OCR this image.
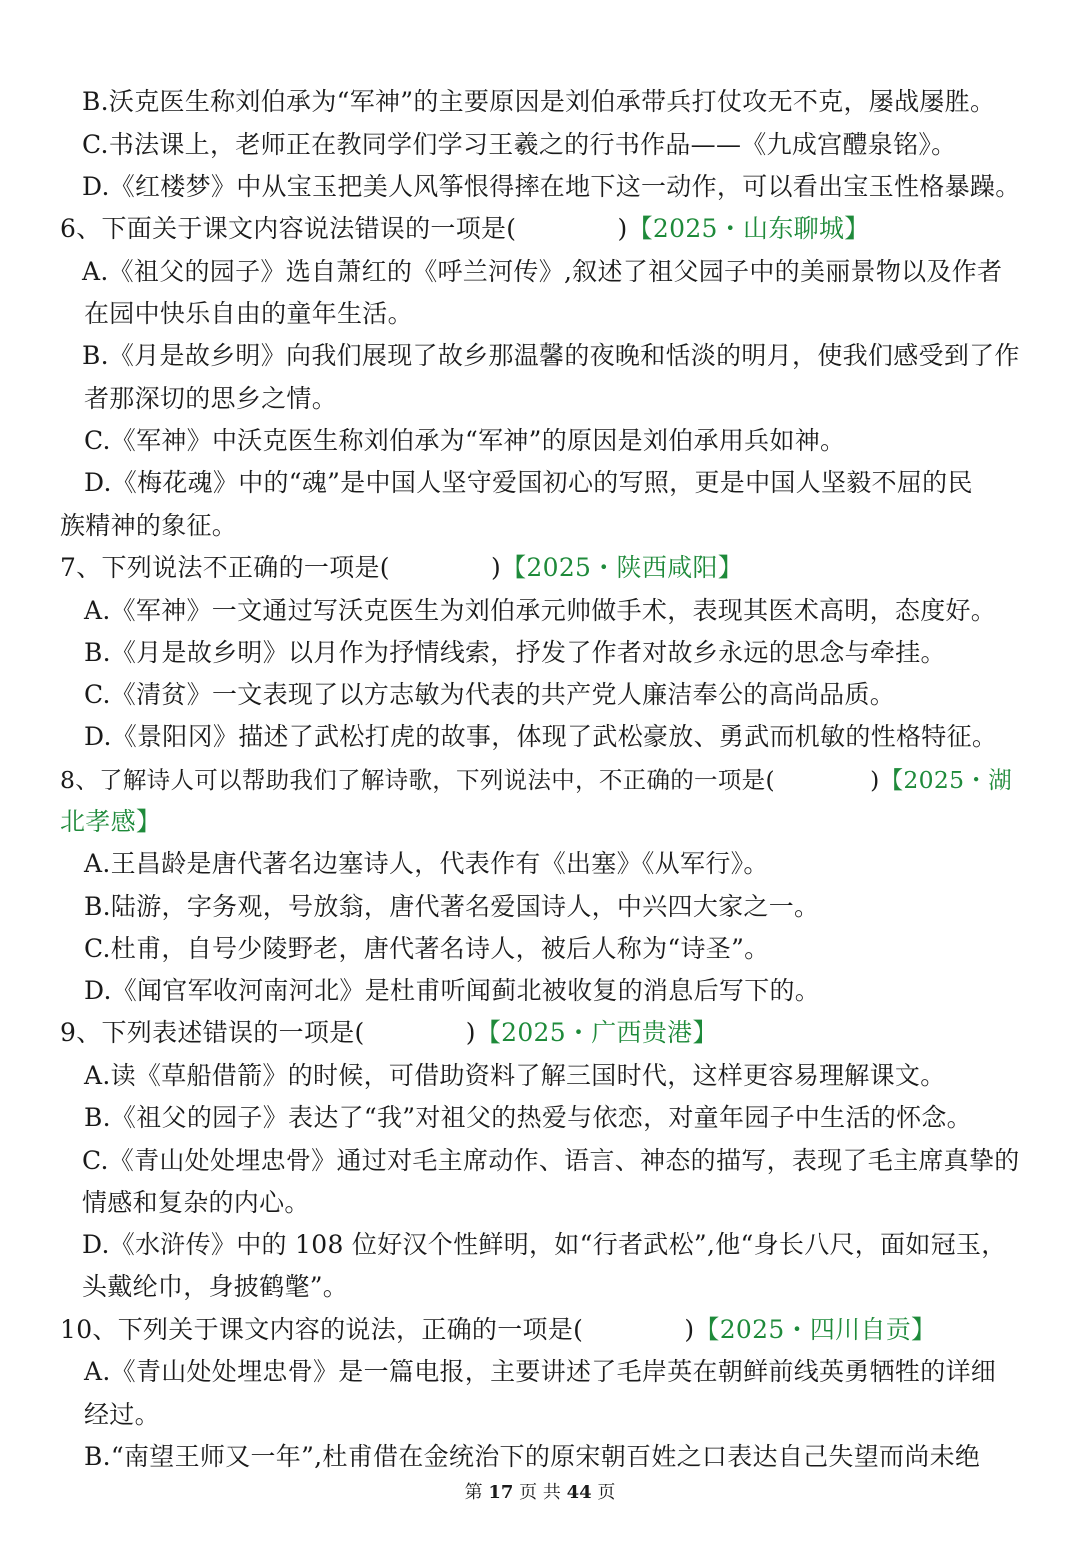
B.沃克医生称刘伯承为“军神”的主要原因是刘伯承带兵打仗攻无不克，屡战屡胜。
C.书法课上，老师正在教同学们学习王羲之的行书作品——《九成宫醴泉铭》。
D.《红楼梦》中从宝玉把美人风筝恨得摔在地下这一动作，可以看出宝玉性格暴躁。
6、下面关于课文内容说法错误的一项是(　　　　)【2025・山东聊城】
A.《祖父的园子》选自萧红的《呼兰河传》,叙述了祖父园子中的美丽景物以及作者
在园中快乐自由的童年生活。
B.《月是故乡明》向我们展现了故乡那温馨的夜晚和恬淡的明月，使我们感受到了作
者那深切的思乡之情。
C.《军神》中沃克医生称刘伯承为“军神”的原因是刘伯承用兵如神。
D.《梅花魂》中的“魂”是中国人坚守爱国初心的写照，更是中国人坚毅不屈的民
族精神的象征。
7、下列说法不正确的一项是(　　　　)【2025・陕西咸阳】
A.《军神》一文通过写沃克医生为刘伯承元帅做手术，表现其医术高明，态度好。
B.《月是故乡明》以月作为抒情线索，抒发了作者对故乡永远的思念与牵挂。
C.《清贫》一文表现了以方志敏为代表的共产党人廉洁奉公的高尚品质。
D.《景阳冈》描述了武松打虎的故事，体现了武松豪放、勇武而机敏的性格特征。
8、了解诗人可以帮助我们了解诗歌，下列说法中，不正确的一项是(　　　　)【2025・湖
北孝感】
A.王昌龄是唐代著名边塞诗人，代表作有《出塞》《从军行》。
B.陆游，字务观，号放翁，唐代著名爱国诗人，中兴四大家之一。
C.杜甫，自号少陵野老，唐代著名诗人，被后人称为“诗圣”。
D.《闻官军收河南河北》是杜甫听闻蓟北被收复的消息后写下的。
9、下列表述错误的一项是(　　　　)【2025・广西贵港】
A.读《草船借箭》的时候，可借助资料了解三国时代，这样更容易理解课文。
B.《祖父的园子》表达了“我”对祖父的热爱与依恋，对童年园子中生活的怀念。
C.《青山处处埋忠骨》通过对毛主席动作、语言、神态的描写，表现了毛主席真挚的
情感和复杂的内心。
D.《水浒传》中的 108 位好汉个性鲜明，如“行者武松”,他“身长八尺，面如冠玉，
头戴纶巾，身披鹤氅”。
10、下列关于课文内容的说法，正确的一项是(　　　　)【2025・四川自贡】
A.《青山处处埋忠骨》是一篇电报，主要讲述了毛岸英在朝鲜前线英勇牺牲的详细
经过。
B.“南望王师又一年”,杜甫借在金统治下的原宋朝百姓之口表达自己失望而尚未绝
第 17 页 共 44 页
